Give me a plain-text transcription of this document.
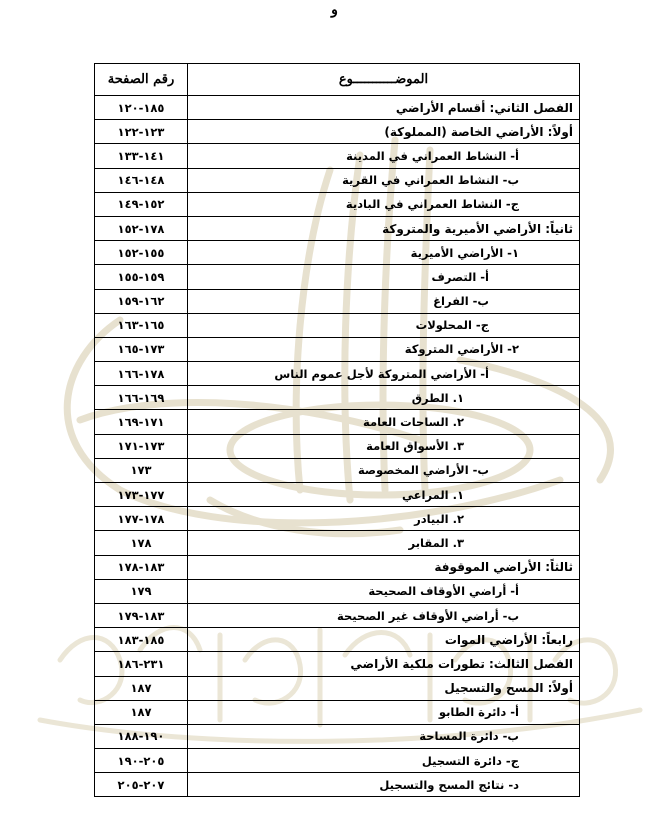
و
الموضـــــــــــوع	رقم الصفحة
الفصل الثاني: أقسام الأراضي	١٨٥-١٢٠
أولاً: الأراضي الخاصة (المملوكة)	١٢٣-١٢٢
أ- النشاط العمراني في المدينة	١٤١-١٣٣
ب- النشاط العمراني في القرية	١٤٨-١٤٦
ج- النشاط العمراني في البادية	١٥٢-١٤٩
ثانياً: الأراضي الأميرية والمتروكة	١٧٨-١٥٢
١- الأراضي الأميرية	١٥٥-١٥٢
أ- التصرف	١٥٩-١٥٥
ب- الفراغ	١٦٢-١٥٩
ج- المحلولات	١٦٥-١٦٣
٢- الأراضي المتروكة	١٧٣-١٦٥
أ- الأراضي المتروكة لأجل عموم الناس	١٧٨-١٦٦
١. الطرق	١٦٩-١٦٦
٢. الساحات العامة	١٧١-١٦٩
٣. الأسواق العامة	١٧٣-١٧١
ب- الأراضي المخصوصة	١٧٣
١. المراعي	١٧٧-١٧٣
٢. البيادر	١٧٨-١٧٧
٣. المقابر	١٧٨
ثالثاً: الأراضي الموقوفة	١٨٣-١٧٨
أ- أراضي الأوقاف الصحيحة	١٧٩
ب- أراضي الأوقاف غير الصحيحة	١٨٣-١٧٩
رابعاً: الأراضي الموات	١٨٥-١٨٣
الفصل الثالث: تطورات ملكية الأراضي	٢٣١-١٨٦
أولاً: المسح والتسجيل	١٨٧
أ- دائرة الطابو	١٨٧
ب- دائرة المساحة	١٩٠-١٨٨
ج- دائرة التسجيل	٢٠٥-١٩٠
د- نتائج المسح والتسجيل	٢٠٧-٢٠٥
